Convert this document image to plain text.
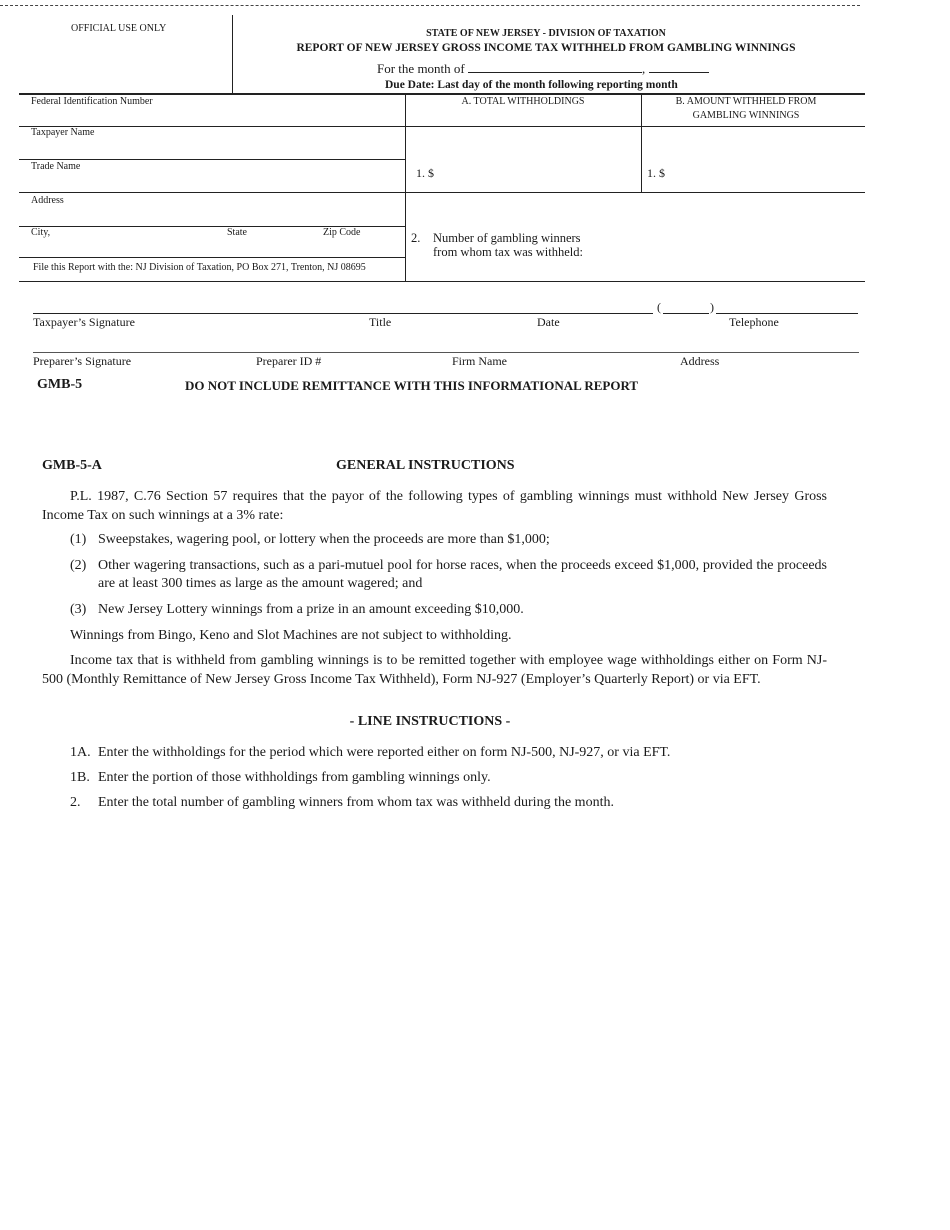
OFFICIAL USE ONLY	STATE OF NEW JERSEY - DIVISION OF TAXATION
REPORT OF NEW JERSEY GROSS INCOME TAX WITHHELD FROM GAMBLING WINNINGS
For the month of	,
Due Date: Last day of the month following reporting month
Federal Identification Number
Taxpayer Name
Trade Name
Address
City,	State	Zip Code
File this Report with the: NJ Division of Taxation, PO Box 271, Trenton, NJ 08695
A. TOTAL WITHHOLDINGS	B. AMOUNT WITHHELD FROM
GAMBLING WINNINGS
1. $	1. $
2. Number of gambling winners
from whom tax was withheld:
(	)
Taxpayer’s Signature	Title	Date	Telephone
Preparer’s Signature	Preparer ID #	Firm Name	Address
GMB-5	DO NOT INCLUDE REMITTANCE WITH THIS INFORMATIONAL REPORT
GMB-5-A	GENERAL INSTRUCTIONS
P.L. 1987, C.76 Section 57 requires that the payor of the following types of gambling winnings must withhold New Jersey Gross Income Tax on such winnings at a 3% rate:
(1) Sweepstakes, wagering pool, or lottery when the proceeds are more than $1,000;
(2) Other wagering transactions, such as a pari-mutuel pool for horse races, when the proceeds exceed $1,000, provided the proceeds are at least 300 times as large as the amount wagered; and
(3) New Jersey Lottery winnings from a prize in an amount exceeding $10,000.
Winnings from Bingo, Keno and Slot Machines are not subject to withholding.
Income tax that is withheld from gambling winnings is to be remitted together with employee wage withholdings either on Form NJ-500 (Monthly Remittance of New Jersey Gross Income Tax Withheld), Form NJ-927 (Employer’s Quarterly Report) or via EFT.
- LINE INSTRUCTIONS -
1A. Enter the withholdings for the period which were reported either on form NJ-500, NJ-927, or via EFT.
1B. Enter the portion of those withholdings from gambling winnings only.
2. Enter the total number of gambling winners from whom tax was withheld during the month.
